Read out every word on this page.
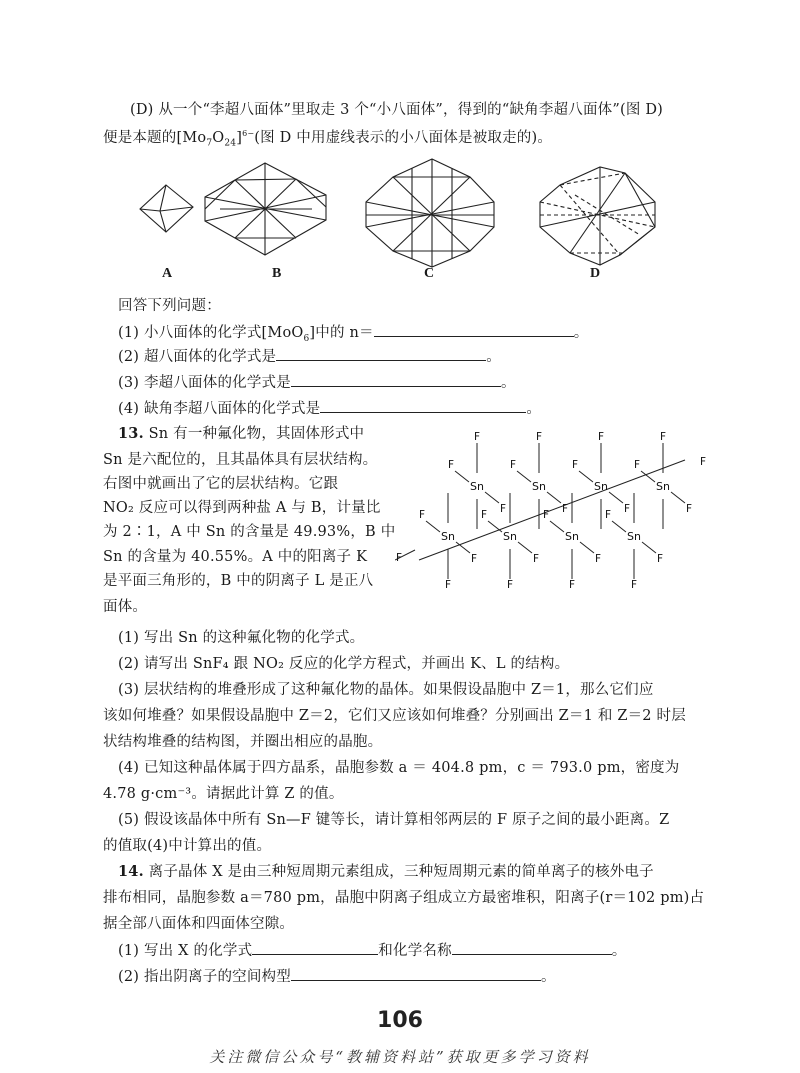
(D) 从一个“李超八面体”里取走 3 个“小八面体”，得到的“缺角李超八面体”(图 D)
便是本题的$[Mo_7O_{24}]^{6-}$(图 D 中用虚线表示的小八面体是被取走的)。
A	B	C	D
回答下列问题：
(1) 小八面体的化学式[MoO$_6$]中的 n＝	。
(2) 超八面体的化学式是	。
(3) 李超八面体的化学式是	。
(4) 缺角李超八面体的化学式是	。
13. Sn 有一种氟化物，其固体形式中
Sn 是六配位的，且其晶体具有层状结构。
右图中就画出了它的层状结构。它跟
NO₂ 反应可以得到两种盐 A 与 B，计量比
为 2∶1，A 中 Sn 的含量是 49.93%，B 中
Sn 的含量为 40.55%。A 中的阳离子 K
是平面三角形的，B 中的阴离子 L 是正八
面体。
F	F	F	F
F	F	F	F
F	F	F	F
F	F	F	F
F	F	F	F
F	F	F	F
F
F
Sn	Sn	Sn	Sn
Sn	Sn	Sn	Sn
(1) 写出 Sn 的这种氟化物的化学式。
(2) 请写出 SnF₄ 跟 NO₂ 反应的化学方程式，并画出 K、L 的结构。
(3) 层状结构的堆叠形成了这种氟化物的晶体。如果假设晶胞中 Z＝1，那么它们应
该如何堆叠？如果假设晶胞中 Z＝2，它们又应该如何堆叠？分别画出 Z＝1 和 Z＝2 时层
状结构堆叠的结构图，并圈出相应的晶胞。
(4) 已知这种晶体属于四方晶系，晶胞参数 a ＝ 404.8 pm，c ＝ 793.0 pm，密度为
4.78 g·cm⁻³。请据此计算 Z 的值。
(5) 假设该晶体中所有 Sn—F 键等长，请计算相邻两层的 F 原子之间的最小距离。Z
的值取(4)中计算出的值。
14. 离子晶体 X 是由三种短周期元素组成，三种短周期元素的简单离子的核外电子
排布相同，晶胞参数 a＝780 pm，晶胞中阴离子组成立方最密堆积，阳离子(r＝102 pm)占
据全部八面体和四面体空隙。
(1) 写出 X 的化学式	和化学名称	。
(2) 指出阴离子的空间构型	。
106
关注微信公众号“教辅资料站”获取更多学习资料
